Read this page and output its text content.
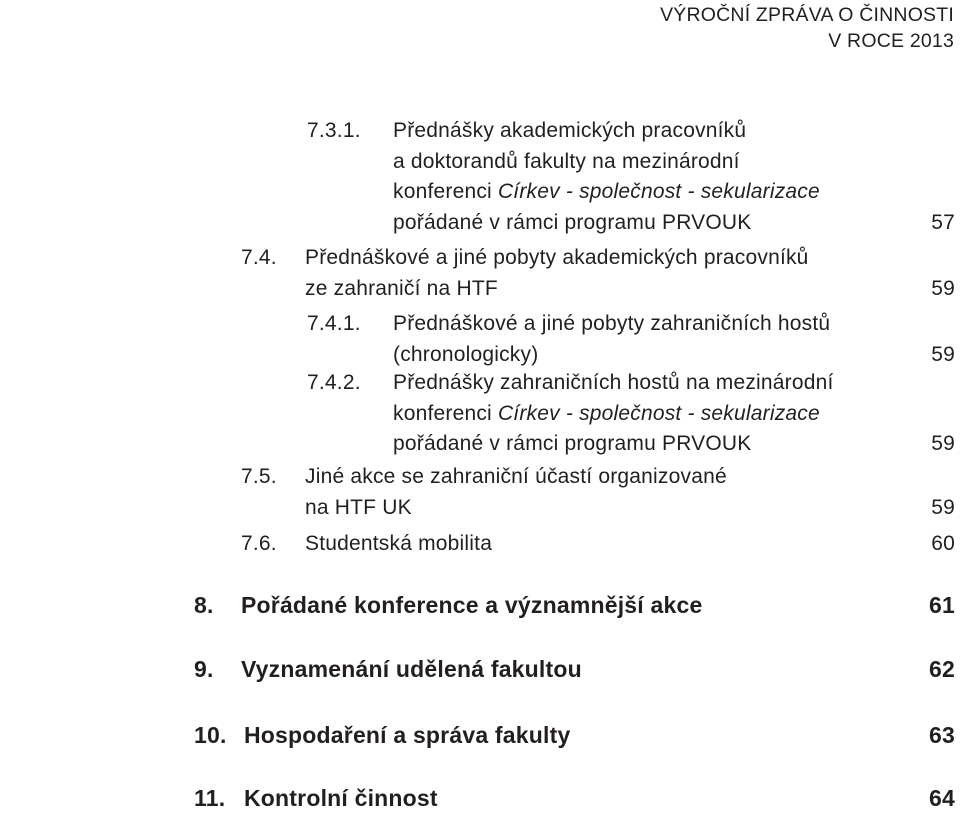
VÝROČNÍ ZPRÁVA O ČINNOSTI
V ROCE 2013
7.3.1. Přednášky akademických pracovníků
a doktorandů fakulty na mezinárodní
konferenci Církev - společnost - sekularizace
pořádané v rámci programu PRVOUK	57
7.4. Přednáškové a jiné pobyty akademických pracovníků
ze zahraničí na HTF	59
7.4.1. Přednáškové a jiné pobyty zahraničních hostů
(chronologicky)	59
7.4.2. Přednášky zahraničních hostů na mezinárodní
konferenci Církev - společnost - sekularizace
pořádané v rámci programu PRVOUK	59
7.5. Jiné akce se zahraniční účastí organizované
na HTF UK	59
7.6. Studentská mobilita	60
8. Pořádané konference a významnější akce	61
9. Vyznamenání udělená fakultou	62
10. Hospodaření a správa fakulty	63
11. Kontrolní činnost	64
